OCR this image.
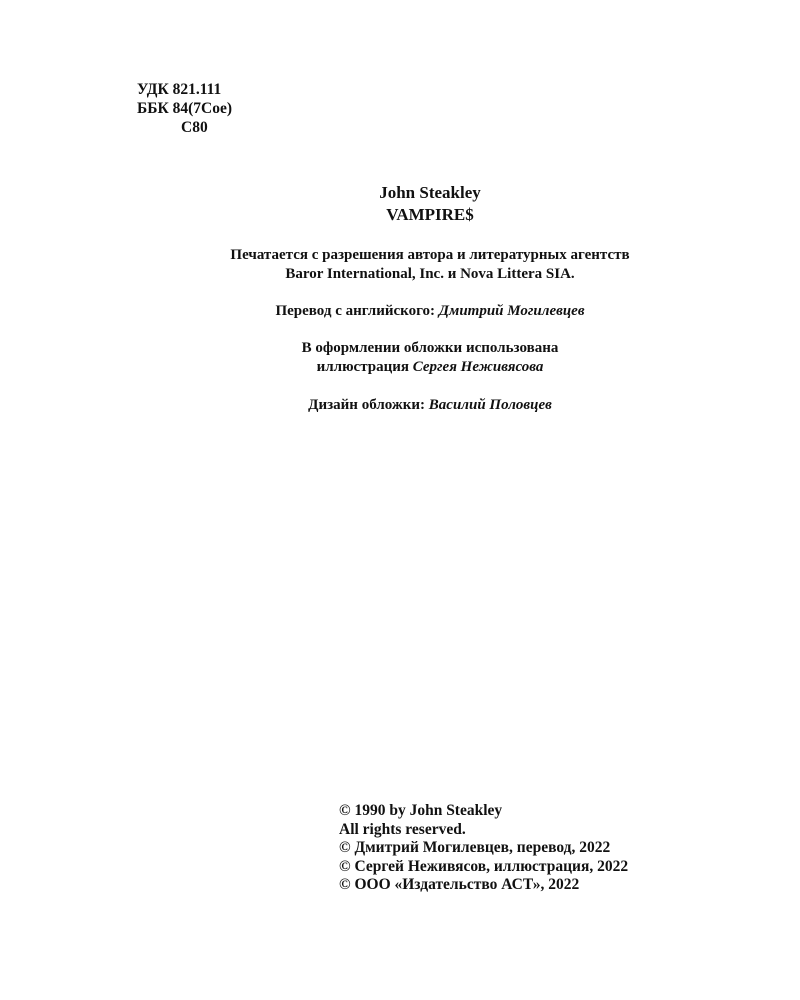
УДК 821.111
ББК 84(7Сое)
С80
John Steakley
VAMPIRE$
Печатается с разрешения автора и литературных агентств
Baror International, Inc. и Nova Littera SIA.
Перевод с английского: Дмитрий Могилевцев
В оформлении обложки использована
иллюстрация Сергея Неживясова
Дизайн обложки: Василий Половцев
© 1990 by John Steakley
All rights reserved.
© Дмитрий Могилевцев, перевод, 2022
© Сергей Неживясов, иллюстрация, 2022
© ООО «Издательство АСТ», 2022
